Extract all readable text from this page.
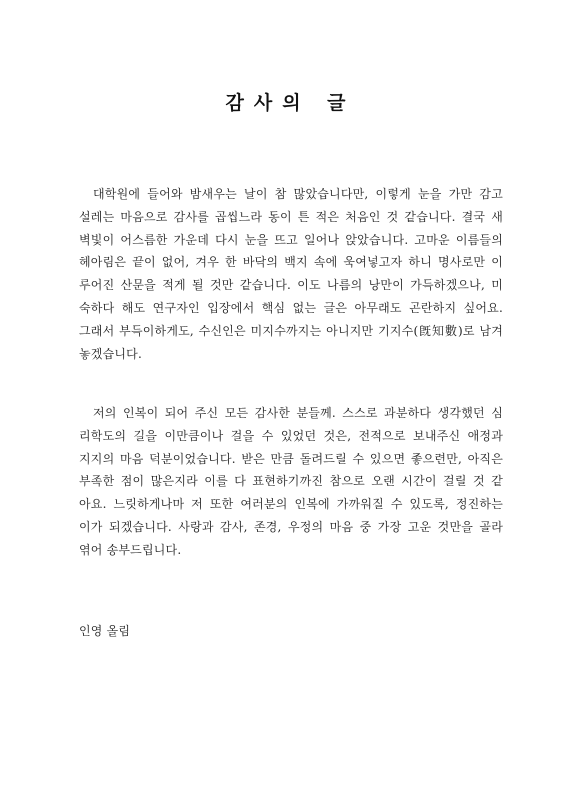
감사의 글
대학원에 들어와 밤새우는 날이 참 많았습니다만, 이렇게 눈을 가만 감고
설레는 마음으로 감사를 곱씹느라 동이 튼 적은 처음인 것 같습니다. 결국 새
벽빛이 어스름한 가운데 다시 눈을 뜨고 일어나 앉았습니다. 고마운 이름들의
헤아림은 끝이 없어, 겨우 한 바닥의 백지 속에 욱여넣고자 하니 명사로만 이
루어진 산문을 적게 될 것만 같습니다. 이도 나름의 낭만이 가득하겠으나, 미
숙하다 해도 연구자인 입장에서 핵심 없는 글은 아무래도 곤란하지 싶어요.
그래서 부득이하게도, 수신인은 미지수까지는 아니지만 기지수(旣知數)로 남겨
놓겠습니다.
저의 인복이 되어 주신 모든 감사한 분들께. 스스로 과분하다 생각했던 심
리학도의 길을 이만큼이나 걸을 수 있었던 것은, 전적으로 보내주신 애정과
지지의 마음 덕분이었습니다. 받은 만큼 돌려드릴 수 있으면 좋으련만, 아직은
부족한 점이 많은지라 이를 다 표현하기까진 참으로 오랜 시간이 걸릴 것 같
아요. 느릿하게나마 저 또한 여러분의 인복에 가까워질 수 있도록, 정진하는
이가 되겠습니다. 사랑과 감사, 존경, 우정의 마음 중 가장 고운 것만을 골라
엮어 송부드립니다.
인영 올림
